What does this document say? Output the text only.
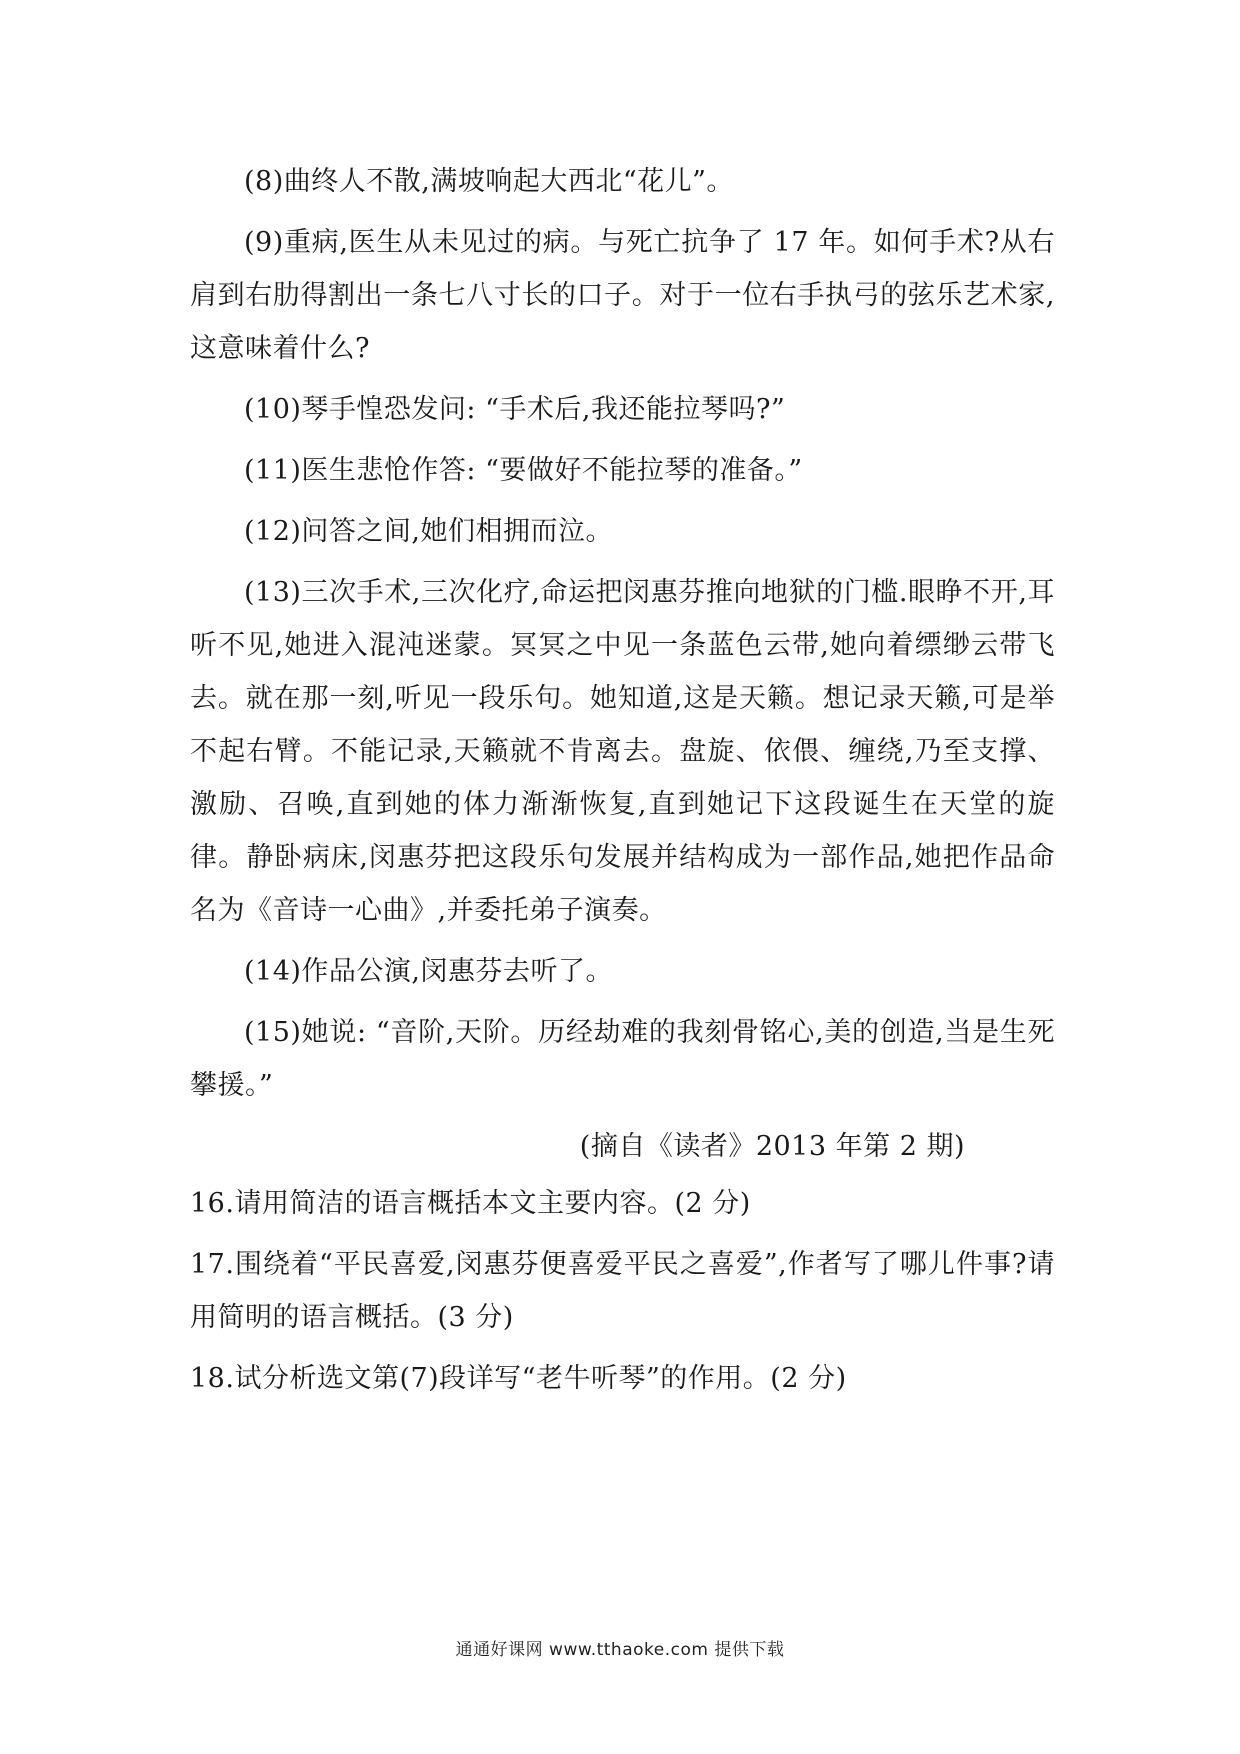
(8)曲终人不散,满坡响起大西北“花儿”。

(9)重病,医生从未见过的病。与死亡抗争了 17 年。如何手术?从右肩到右肋得割出一条七八寸长的口子。对于一位右手执弓的弦乐艺术家,这意味着什么?

(10)琴手惶恐发问: “手术后,我还能拉琴吗?”

(11)医生悲怆作答: “要做好不能拉琴的准备。”

(12)问答之间,她们相拥而泣。

(13)三次手术,三次化疗,命运把闵惠芬推向地狱的门槛.眼睁不开,耳听不见,她进入混沌迷蒙。冥冥之中见一条蓝色云带,她向着缥缈云带飞去。就在那一刻,听见一段乐句。她知道,这是天籁。想记录天籁,可是举不起右臂。不能记录,天籁就不肯离去。盘旋、依偎、缠绕,乃至支撑、激励、召唤,直到她的体力渐渐恢复,直到她记下这段诞生在天堂的旋律。静卧病床,闵惠芬把这段乐句发展并结构成为一部作品,她把作品命名为《音诗一心曲》,并委托弟子演奏。

(14)作品公演,闵惠芬去听了。

(15)她说: “音阶,天阶。历经劫难的我刻骨铭心,美的创造,当是生死攀援。”

(摘自《读者》2013 年第 2 期)

16.请用简洁的语言概括本文主要内容。(2 分)

17.围绕着“平民喜爱,闵惠芬便喜爱平民之喜爱”,作者写了哪儿件事?请用简明的语言概括。(3 分)

18.试分析选文第(7)段详写“老牛听琴”的作用。(2 分)

通通好课网 www.tthaoke.com 提供下载
